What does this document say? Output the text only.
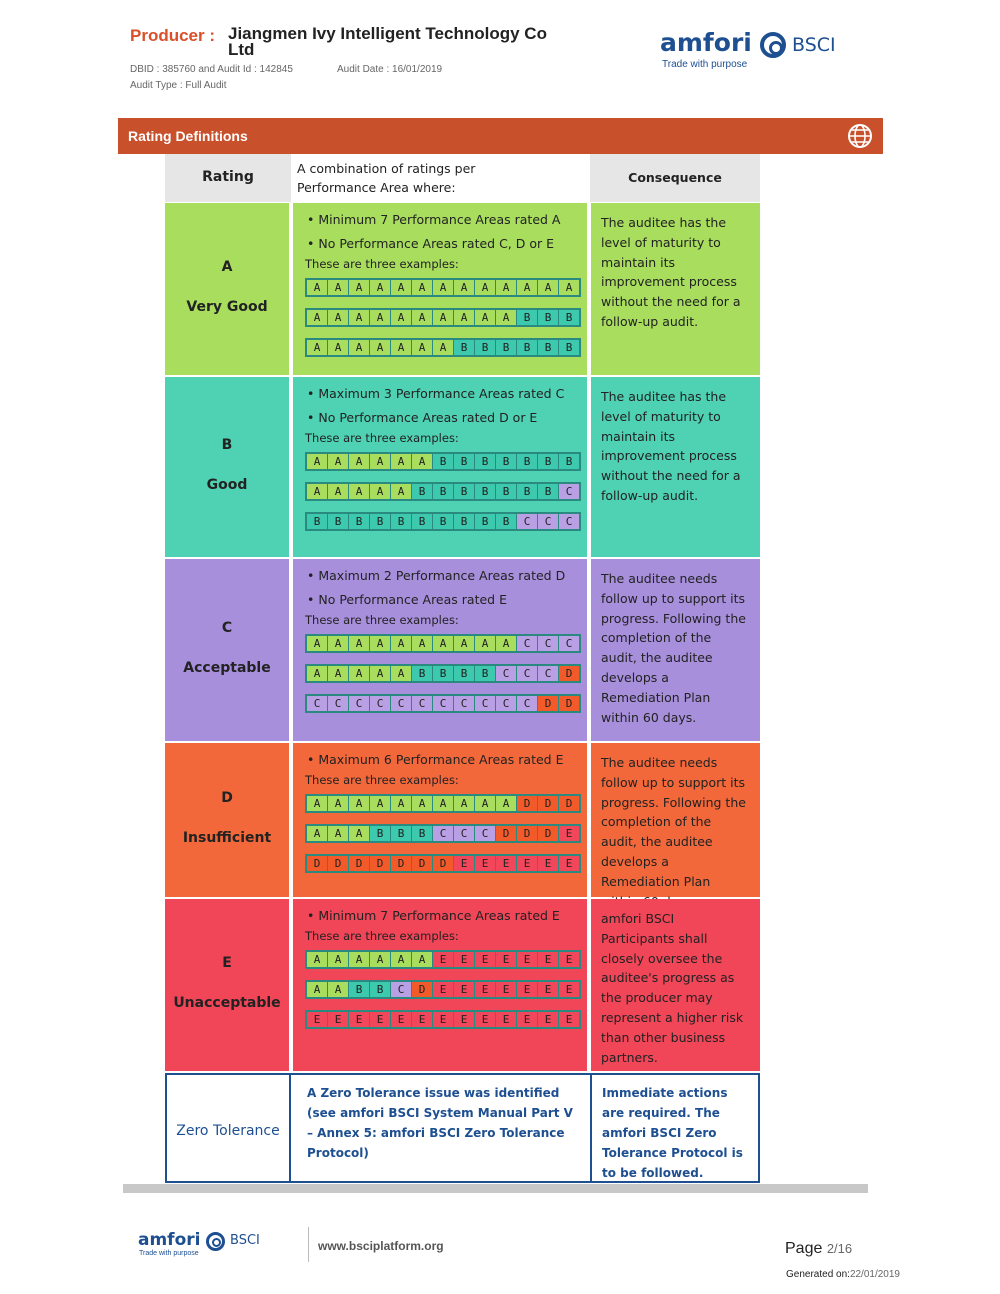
Producer : Jiangmen Ivy Intelligent Technology Co Ltd
DBID : 385760 and Audit Id : 142845	Audit Date : 16/01/2019
Audit Type : Full Audit
amfori BSCI
Trade with purpose
Rating Definitions
Rating
A combination of ratings per Performance Area where:
Consequence
A
Very Good
• Minimum 7 Performance Areas rated A
• No Performance Areas rated C, D or E
These are three examples:
A	A	A	A	A	A	A	A	A	A	A	A	A
A	A	A	A	A	A	A	A	A	A	B	B	B
A	A	A	A	A	A	A	B	B	B	B	B	B
The auditee has the level of maturity to maintain its improvement process without the need for a follow-up audit.
B
Good
• Maximum 3 Performance Areas rated C
• No Performance Areas rated D or E
These are three examples:
A	A	A	A	A	A	B	B	B	B	B	B	B
A	A	A	A	A	B	B	B	B	B	B	B	C
B	B	B	B	B	B	B	B	B	B	C	C	C
The auditee has the level of maturity to maintain its improvement process without the need for a follow-up audit.
C
Acceptable
• Maximum 2 Performance Areas rated D
• No Performance Areas rated E
These are three examples:
A	A	A	A	A	A	A	A	A	A	C	C	C
A	A	A	A	A	B	B	B	B	C	C	C	D
C	C	C	C	C	C	C	C	C	C	C	D	D
The auditee needs follow up to support its progress. Following the completion of the audit, the auditee develops a Remediation Plan within 60 days.
D
Insufficient
• Maximum 6 Performance Areas rated E
These are three examples:
A	A	A	A	A	A	A	A	A	A	D	D	D
A	A	A	B	B	B	C	C	C	D	D	D	E
D	D	D	D	D	D	D	E	E	E	E	E	E
The auditee needs follow up to support its progress. Following the completion of the audit, the auditee develops a Remediation Plan
E
Unacceptable
• Minimum 7 Performance Areas rated E
These are three examples:
A	A	A	A	A	A	E	E	E	E	E	E	E
A	A	B	B	C	D	E	E	E	E	E	E	E
E	E	E	E	E	E	E	E	E	E	E	E	E
amfori BSCI Participants shall closely oversee the auditee's progress as the producer may represent a higher risk than other business partners.
Zero Tolerance
A Zero Tolerance issue was identified (see amfori BSCI System Manual Part V – Annex 5: amfori BSCI Zero Tolerance Protocol)
Immediate actions are required. The amfori BSCI Zero Tolerance Protocol is to be followed.
amfori BSCI
Trade with purpose
www.bsciplatform.org	Page 2/16
Generated on:22/01/2019
